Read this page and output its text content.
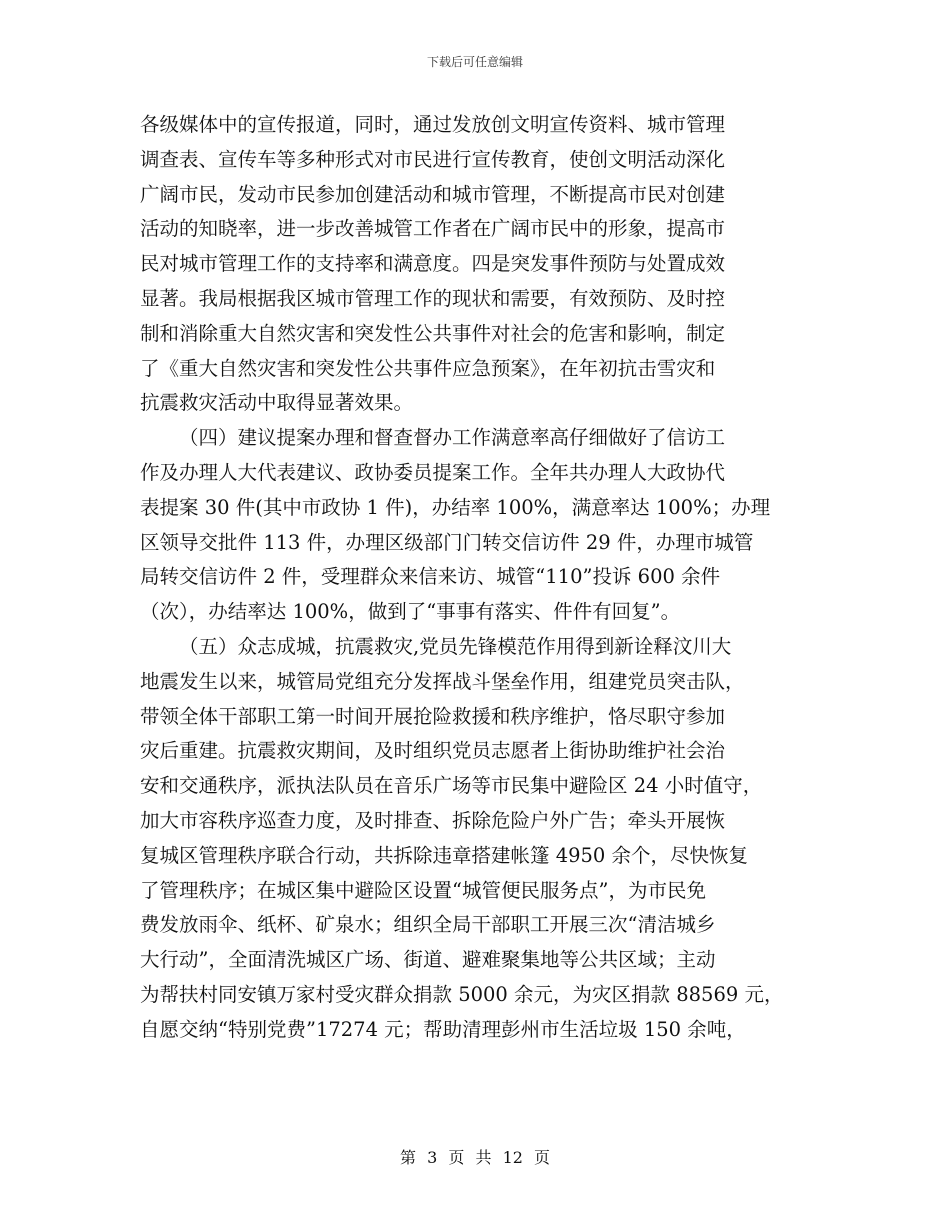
下载后可任意编辑
各级媒体中的宣传报道，同时，通过发放创文明宣传资料、城市管理
调查表、宣传车等多种形式对市民进行宣传教育，使创文明活动深化
广阔市民，发动市民参加创建活动和城市管理，不断提高市民对创建
活动的知晓率，进一步改善城管工作者在广阔市民中的形象，提高市
民对城市管理工作的支持率和满意度。四是突发事件预防与处置成效
显著。我局根据我区城市管理工作的现状和需要，有效预防、及时控
制和消除重大自然灾害和突发性公共事件对社会的危害和影响，制定
了《重大自然灾害和突发性公共事件应急预案》，在年初抗击雪灾和
抗震救灾活动中取得显著效果。
（四）建议提案办理和督查督办工作满意率高仔细做好了信访工
作及办理人大代表建议、政协委员提案工作。全年共办理人大政协代
表提案 30 件(其中市政协 1 件)，办结率 100%，满意率达 100%；办理
区领导交批件 113 件，办理区级部门门转交信访件 29 件，办理市城管
局转交信访件 2 件，受理群众来信来访、城管“110”投诉 600 余件
（次），办结率达 100%，做到了“事事有落实、件件有回复”。
（五）众志成城，抗震救灾,党员先锋模范作用得到新诠释汶川大
地震发生以来，城管局党组充分发挥战斗堡垒作用，组建党员突击队，
带领全体干部职工第一时间开展抢险救援和秩序维护，恪尽职守参加
灾后重建。抗震救灾期间，及时组织党员志愿者上街协助维护社会治
安和交通秩序，派执法队员在音乐广场等市民集中避险区 24 小时值守，
加大市容秩序巡查力度，及时排查、拆除危险户外广告；牵头开展恢
复城区管理秩序联合行动，共拆除违章搭建帐篷 4950 余个，尽快恢复
了管理秩序；在城区集中避险区设置“城管便民服务点”，为市民免
费发放雨伞、纸杯、矿泉水；组织全局干部职工开展三次“清洁城乡
大行动”，全面清洗城区广场、街道、避难聚集地等公共区域；主动
为帮扶村同安镇万家村受灾群众捐款 5000 余元，为灾区捐款 88569 元，
自愿交纳“特别党费”17274 元；帮助清理彭州市生活垃圾 150 余吨，
第 3 页 共 12 页
